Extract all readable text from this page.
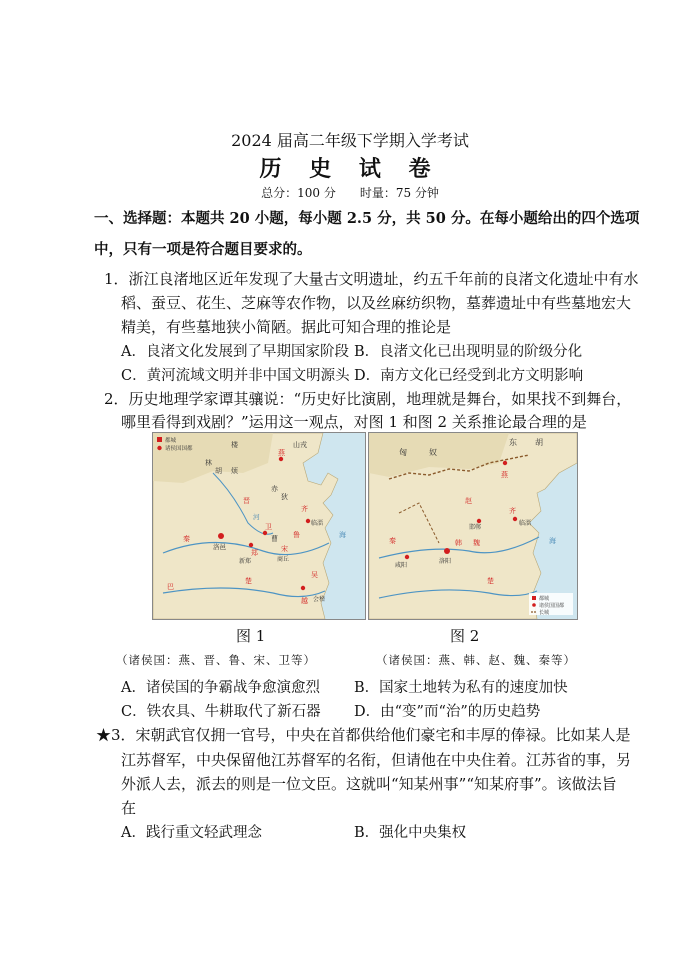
2024 届高二年级下学期入学考试
历 史 试 卷
总分：100 分　　时量：75 分钟
一、选择题：本题共 20 小题，每小题 2.5 分，共 50 分。在每小题给出的四个选项
中，只有一项是符合题目要求的。
1．浙江良渚地区近年发现了大量古文明遗址，约五千年前的良渚文化遗址中有水
稻、蚕豆、花生、芝麻等农作物，以及丝麻纺织物，墓葬遗址中有些墓地宏大
精美，有些墓地狭小简陋。据此可知合理的推论是
A．良渚文化发展到了早期国家阶段 B．良渚文化已出现明显的阶级分化
C．黄河流域文明并非中国文明源头 D．南方文化已经受到北方文明影响
2．历史地理学家谭其骧说：“历史好比演剧，地理就是舞台，如果找不到舞台，
哪里看得到戏剧？”运用这一观点，对图 1 和图 2 关系推论最合理的是
都城
诸侯国国都	楼
林
胡 烦
燕
山戎
晋
赤
狄
齐
临淄
秦
洛邑
郑
卫
曹 鲁
宋
商丘
新郑
楚
吴
巴
越 会稽
海
河
匈	奴
东 胡
燕
赵
邯郸
齐
临淄
秦
咸阳
洛阳
韩 魏
楚
海
都城
诸侯国国都
长城
图 1	图 2
（诸侯国：燕、晋、鲁、宋、卫等）	（诸侯国：燕、韩、赵、魏、秦等）
A．诸侯国的争霸战争愈演愈烈 B．国家土地转为私有的速度加快
C．铁农具、牛耕取代了新石器 D．由“变”而“治”的历史趋势
★3．宋朝武官仅拥一官号，中央在首都供给他们豪宅和丰厚的俸禄。比如某人是
江苏督军，中央保留他江苏督军的名衔，但请他在中央住着。江苏省的事，另
外派人去，派去的则是一位文臣。这就叫“知某州事”“知某府事”。该做法旨
在
A．践行重文轻武理念	B．强化中央集权
